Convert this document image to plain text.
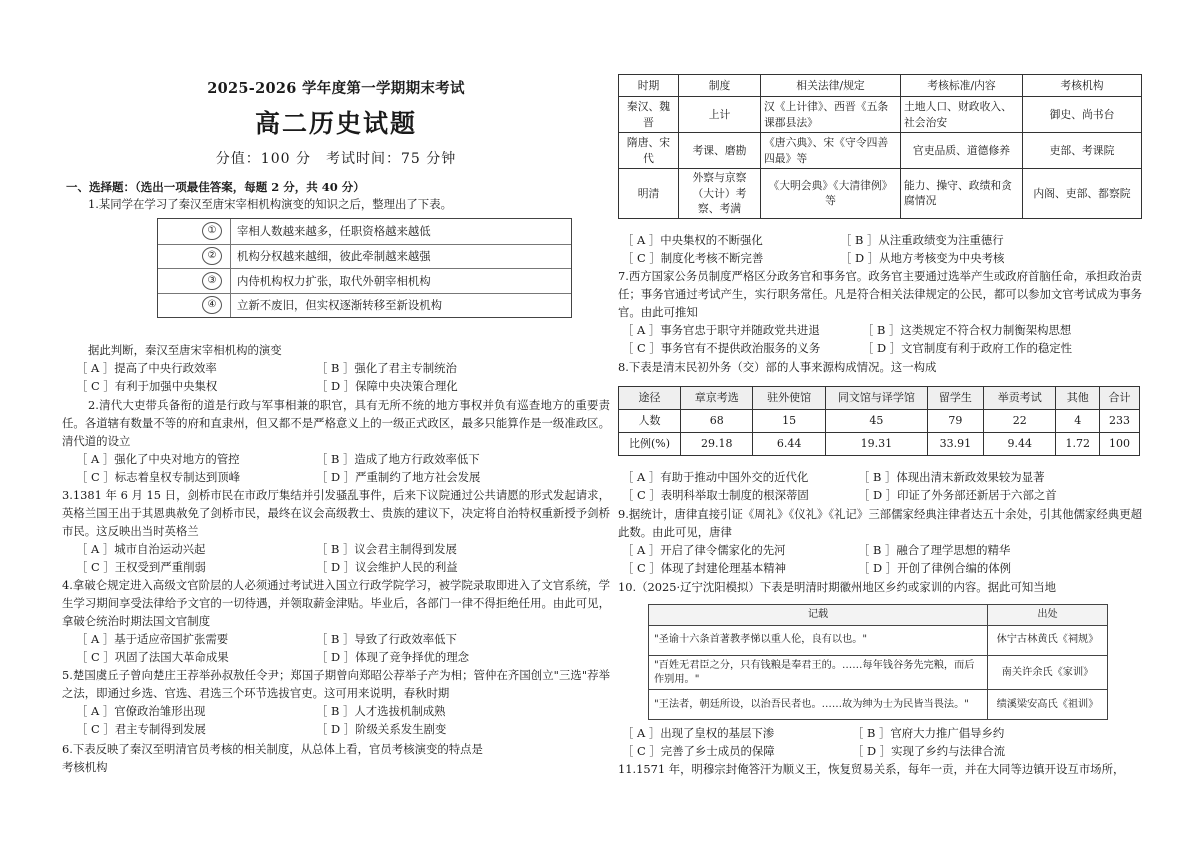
2025-2026 学年度第一学期期末考试
高二历史试题
分值：100 分　考试时间：75 分钟
一、选择题：（选出一项最佳答案，每题 2 分，共 40 分）
1.某同学在学习了秦汉至唐宋宰相机构演变的知识之后，整理出了下表。
①	宰相人数越来越多，任职资格越来越低
②	机构分权越来越细，彼此牵制越来越强
③	内侍机构权力扩张，取代外朝宰相机构
④	立新不废旧，但实权逐渐转移至新设机构
据此判断，秦汉至唐宋宰相机构的演变
［ A ］提高了中央行政效率	［ B ］强化了君主专制统治
［ C ］有利于加强中央集权	［ D ］保障中央决策合理化
2.清代大吏带兵备衔的道是行政与军事相兼的职官，具有无所不统的地方事权并负有巡查地方的重要责任。各道辖有数量不等的府和直隶州，但又都不是严格意义上的一级正式政区，最多只能算作是一级准政区。清代道的设立
［ A ］强化了中央对地方的管控	［ B ］造成了地方行政效率低下
［ C ］标志着皇权专制达到顶峰	［ D ］严重制约了地方社会发展
3.1381 年 6 月 15 日，剑桥市民在市政厅集结并引发骚乱事件，后来下议院通过公共请愿的形式发起请求，英格兰国王出于其恩典赦免了剑桥市民，最终在议会高级教士、贵族的建议下，决定将自治特权重新授予剑桥市民。这反映出当时英格兰
［ A ］城市自治运动兴起	［ B ］议会君主制得到发展
［ C ］王权受到严重削弱	［ D ］议会维护人民的利益
4.拿破仑规定进入高级文官阶层的人必须通过考试进入国立行政学院学习，被学院录取即进入了文官系统，学生学习期间享受法律给予文官的一切待遇，并领取薪金津贴。毕业后，各部门一律不得拒绝任用。由此可见，拿破仑统治时期法国文官制度
［ A ］基于适应帝国扩张需要	［ B ］导致了行政效率低下
［ C ］巩固了法国大革命成果	［ D ］体现了竞争择优的理念
5.楚国虞丘子曾向楚庄王荐举孙叔敖任令尹；郑国子期曾向郑昭公荐举子产为相；管仲在齐国创立"三选"荐举之法，即通过乡选、官选、君选三个环节选拔官吏。这可用来说明，春秋时期
［ A ］官僚政治雏形出现	［ B ］人才选拔机制成熟
［ C ］君主专制得到发展	［ D ］阶级关系发生剧变
6.下表反映了秦汉至明清官员考核的相关制度，从总体上看，官员考核演变的特点是
考核机构
时期	制度	相关法律/规定	考核标准/内容	考核机构
秦汉、魏晋	上计	汉《上计律》、西晋《五条课郡县法》	土地人口、财政收入、社会治安	御史、尚书台
隋唐、宋代	考课、磨勘	《唐六典》、宋《守令四善四最》等	官吏品质、道德修养	吏部、考课院
明清	外察与京察（大计）考察、考满	《大明会典》《大清律例》等	能力、操守、政绩和贪腐情况	内阁、吏部、都察院
［ A ］中央集权的不断强化	［ B ］从注重政绩变为注重德行
［ C ］制度化考核不断完善	［ D ］从地方考核变为中央考核
7.西方国家公务员制度严格区分政务官和事务官。政务官主要通过选举产生或政府首脑任命，承担政治责任；事务官通过考试产生，实行职务常任。凡是符合相关法律规定的公民，都可以参加文官考试成为事务官。由此可推知
［ A ］事务官忠于职守并随政党共进退	［ B ］这类规定不符合权力制衡架构思想
［ C ］事务官有不提供政治服务的义务	［ D ］文官制度有利于政府工作的稳定性
8.下表是清末民初外务（交）部的人事来源构成情况。这一构成
途径	章京考选	驻外使馆	同文馆与译学馆	留学生	举贡考试	其他	合计
人数	68	15	45	79	22	4	233
比例(%)	29.18	6.44	19.31	33.91	9.44	1.72	100
［ A ］有助于推动中国外交的近代化	［ B ］体现出清末新政效果较为显著
［ C ］表明科举取士制度的根深蒂固	［ D ］印证了外务部还新居于六部之首
9.据统计，唐律直接引证《周礼》《仪礼》《礼记》三部儒家经典注律者达五十余处，引其他儒家经典更超此数。由此可见，唐律
［ A ］开启了律令儒家化的先河	［ B ］融合了理学思想的精华
［ C ］体现了封建伦理基本精神	［ D ］开创了律例合编的体例
10.（2025·辽宁沈阳模拟）下表是明清时期徽州地区乡约或家训的内容。据此可知当地
记载	出处
"圣谕十六条首著教孝悌以重人伦，良有以也。"	休宁古林黄氏《祠规》
"百姓无君臣之分，只有钱粮是奉君王的。……每年钱谷务先完粮，而后作别用。"	南关许余氏《家训》
"王法者，朝廷所设，以治吾民者也。……故为绅为士为民皆当畏法。"	绩溪梁安高氏《祖训》
［ A ］出现了皇权的基层下渗	［ B ］官府大力推广倡导乡约
［ C ］完善了乡士成员的保障	［ D ］实现了乡约与法律合流
11.1571 年，明穆宗封俺答汗为顺义王，恢复贸易关系，每年一贡，并在大同等边镇开设互市场所，
